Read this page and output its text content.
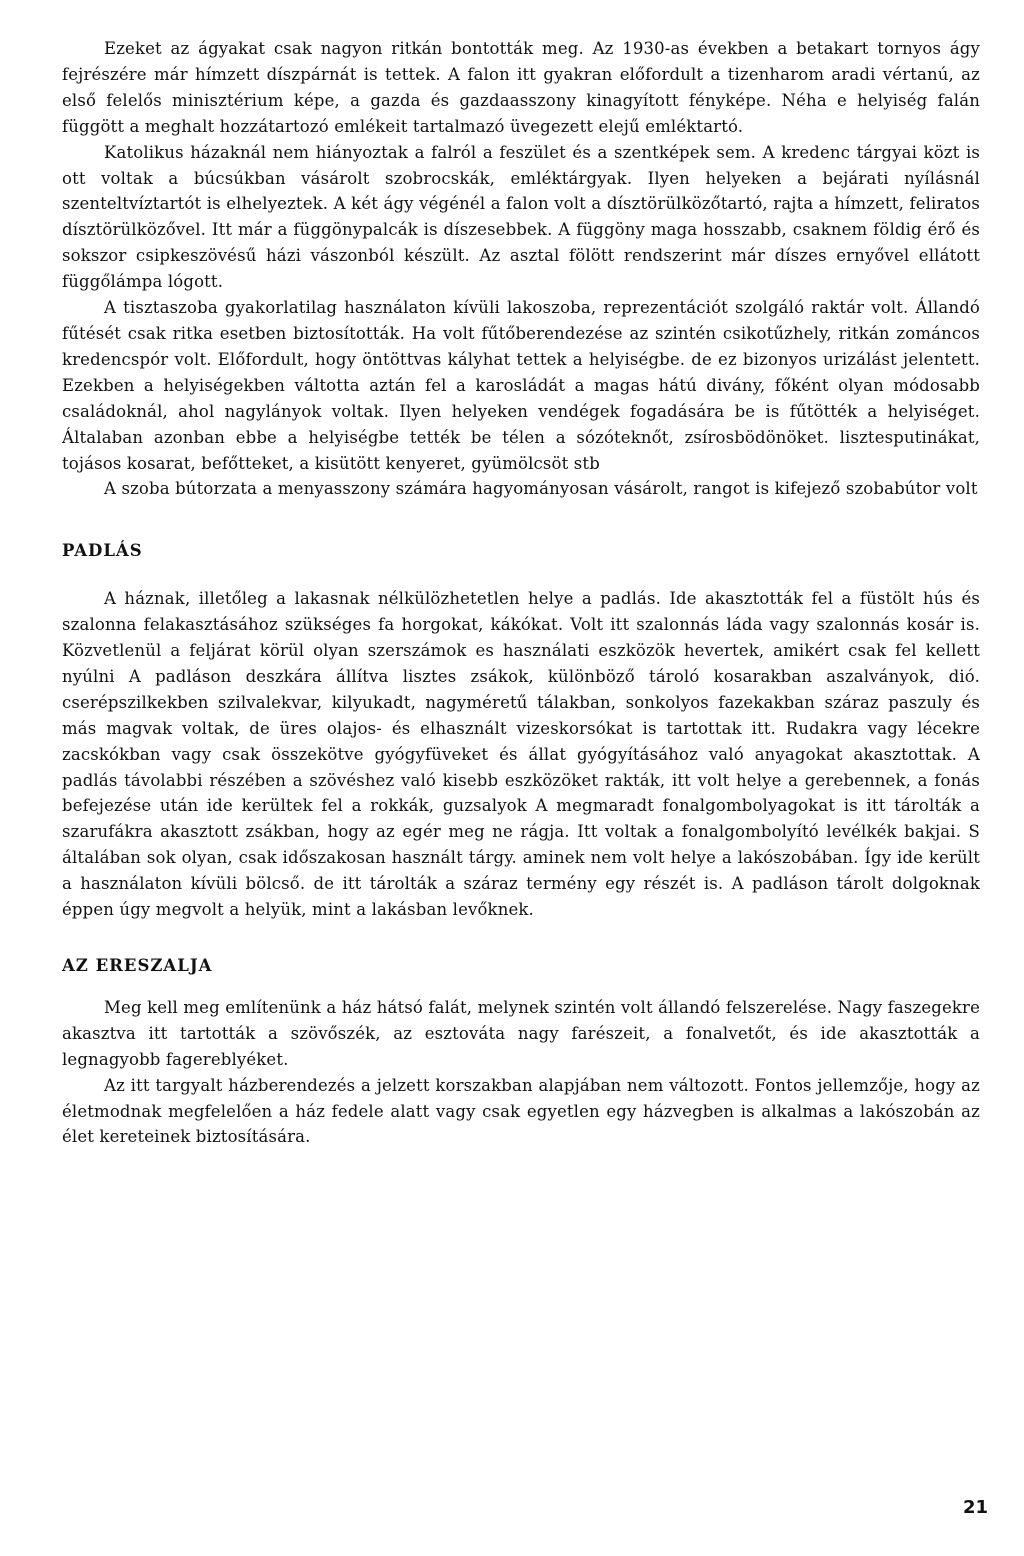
Ezeket az ágyakat csak nagyon ritkán bontották meg. Az 1930-as években a betakart tornyos ágy fejrészére már hímzett díszpárnát is tettek. A falon itt gyakran előfordult a tizenharom aradi vértanú, az első felelős minisztérium képe, a gazda és gazdaasszony kinagyított fényképe. Néha e helyiség falán függött a meghalt hozzátartozó emlékeit tartalmazó üvegezett elejű emléktartó.

Katolikus házaknál nem hiányoztak a falról a feszület és a szentképek sem. A kredenc tárgyai közt is ott voltak a búcsúkban vásárolt szobrocskák, emléktárgyak. Ilyen helyeken a bejárati nyílásnál szenteltvíztartót is elhelyeztek. A két ágy végénél a falon volt a dísztörülközőtartó, rajta a hímzett, feliratos dísztörülközővel. Itt már a függönypalcák is díszesebbek. A függöny maga hosszabb, csaknem földig érő és sokszor csipkeszövésű házi vászonból készült. Az asztal fölött rendszerint már díszes ernyővel ellátott függőlámpa lógott.

A tisztaszoba gyakorlatilag használaton kívüli lakoszoba, reprezentációt szolgáló raktár volt. Állandó fűtését csak ritka esetben biztosították. Ha volt fűtőberendezése az szintén csikotűzhely, ritkán zománcos kredencspór volt. Előfordult, hogy öntöttvas kályhat tettek a helyiségbe. de ez bizonyos urizálást jelentett. Ezekben a helyiségekben váltotta aztán fel a karosládát a magas hátú divány, főként olyan módosabb családoknál, ahol nagylányok voltak. Ilyen helyeken vendégek fogadására be is fűtötték a helyiséget. Általaban azonban ebbe a helyiségbe tették be télen a sózóteknőt, zsírosbödönöket. lisztesputinákat, tojásos kosarat, befőtteket, a kisütött kenyeret, gyümölcsöt stb

A szoba bútorzata a menyasszony számára hagyományosan vásárolt, rangot is kifejező szobabútor volt

PADLÁS

A háznak, illetőleg a lakasnak nélkülözhetetlen helye a padlás. Ide akasztották fel a füstölt hús és szalonna felakasztásához szükséges fa horgokat, kákókat. Volt itt szalonnás láda vagy szalonnás kosár is. Közvetlenül a feljárat körül olyan szerszámok es használati eszközök hevertek, amikért csak fel kellett nyúlni A padláson deszkára állítva lisztes zsákok, különböző tároló kosarakban aszalványok, dió. cserépszilkekben szilvalekvar, kilyukadt, nagyméretű tálakban, sonkolyos fazekakban száraz paszuly és más magvak voltak, de üres olajos- és elhasznált vizeskorsókat is tartottak itt. Rudakra vagy lécekre zacskókban vagy csak összekötve gyógyfüveket és állat gyógyításához való anyagokat akasztottak. A padlás távolabbi részében a szövéshez való kisebb eszközöket rakták, itt volt helye a gerebennek, a fonás befejezése után ide kerültek fel a rokkák, guzsalyok A megmaradt fonalgombolyagokat is itt tárolták a szarufákra akasztott zsákban, hogy az egér meg ne rágja. Itt voltak a fonalgombolyító levélkék bakjai. S általában sok olyan, csak időszakosan használt tárgy. aminek nem volt helye a lakószobában. Így ide került a használaton kívüli bölcső. de itt tárolták a száraz termény egy részét is. A padláson tárolt dolgoknak éppen úgy megvolt a helyük, mint a lakásban levőknek.

AZ ERESZALJA

Meg kell meg említenünk a ház hátsó falát, melynek szintén volt állandó felszerelése. Nagy faszegekre akasztva itt tartották a szövőszék, az esztováta nagy farészeit, a fonalvetőt, és ide akasztották a legnagyobb fagereblyéket.

Az itt targyalt házberendezés a jelzett korszakban alapjában nem változott. Fontos jellemzője, hogy az életmodnak megfelelően a ház fedele alatt vagy csak egyetlen egy házvegben is alkalmas a lakószobán az élet kereteinek biztosítására.

21
